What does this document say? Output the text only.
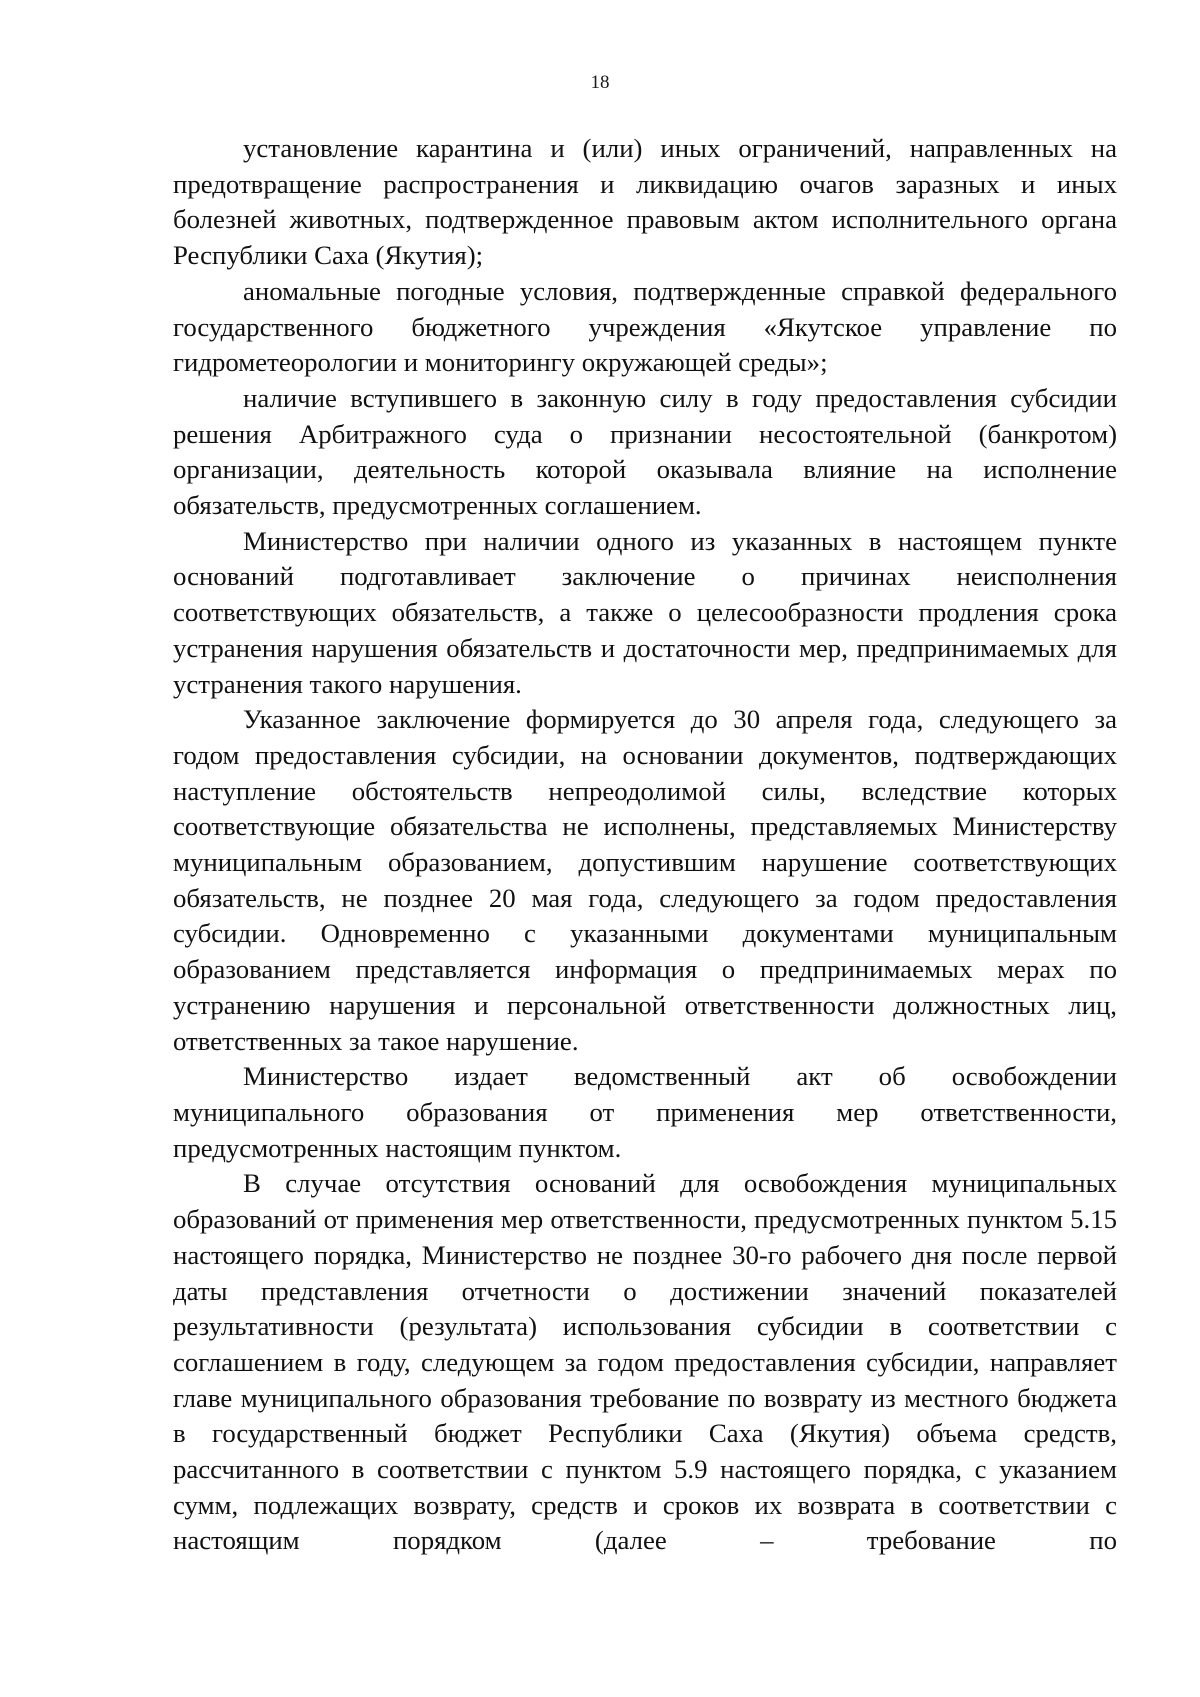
18

установление карантина и (или) иных ограничений, направленных на предотвращение распространения и ликвидацию очагов заразных и иных болезней животных, подтвержденное правовым актом исполнительного органа Республики Саха (Якутия);

аномальные погодные условия, подтвержденные справкой федерального государственного бюджетного учреждения «Якутское управление по гидрометеорологии и мониторингу окружающей среды»;

наличие вступившего в законную силу в году предоставления субсидии решения Арбитражного суда о признании несостоятельной (банкротом) организации, деятельность которой оказывала влияние на исполнение обязательств, предусмотренных соглашением.

Министерство при наличии одного из указанных в настоящем пункте оснований подготавливает заключение о причинах неисполнения соответствующих обязательств, а также о целесообразности продления срока устранения нарушения обязательств и достаточности мер, предпринимаемых для устранения такого нарушения.

Указанное заключение формируется до 30 апреля года, следующего за годом предоставления субсидии, на основании документов, подтверждающих наступление обстоятельств непреодолимой силы, вследствие которых соответствующие обязательства не исполнены, представляемых Министерству муниципальным образованием, допустившим нарушение соответствующих обязательств, не позднее 20 мая года, следующего за годом предоставления субсидии. Одновременно с указанными документами муниципальным образованием представляется информация о предпринимаемых мерах по устранению нарушения и персональной ответственности должностных лиц, ответственных за такое нарушение.

Министерство издает ведомственный акт об освобождении муниципального образования от применения мер ответственности, предусмотренных настоящим пунктом.

В случае отсутствия оснований для освобождения муниципальных образований от применения мер ответственности, предусмотренных пунктом 5.15 настоящего порядка, Министерство не позднее 30-го рабочего дня после первой даты представления отчетности о достижении значений показателей результативности (результата) использования субсидии в соответствии с соглашением в году, следующем за годом предоставления субсидии, направляет главе муниципального образования требование по возврату из местного бюджета в государственный бюджет Республики Саха (Якутия) объема средств, рассчитанного в соответствии с пунктом 5.9 настоящего порядка, с указанием сумм, подлежащих возврату, средств и сроков их возврата в соответствии с настоящим порядком (далее – требование по
